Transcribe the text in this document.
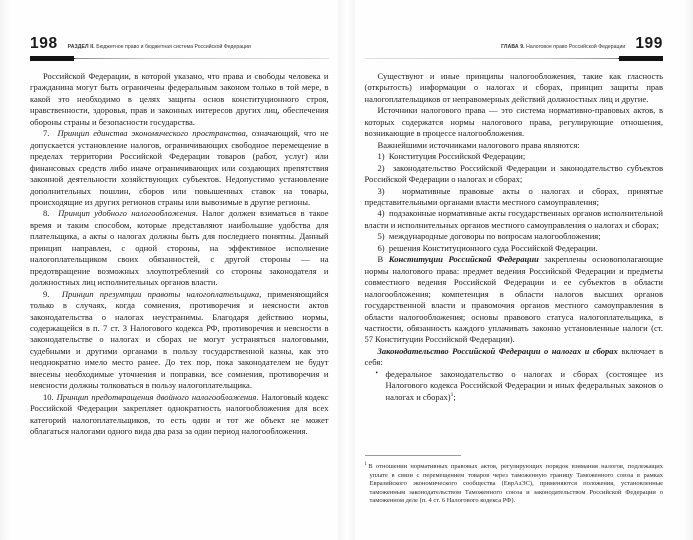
198 РАЗДЕЛ II. Бюджетное право и бюджетная система Российской Федерации

Российской Федерации, в которой указано, что права и свободы человека и гражданина могут быть ограничены федеральным законом только в той мере, в какой это необходимо в целях защиты основ конституционного строя, нравственности, здоровья, прав и законных интересов других лиц, обеспечения обороны страны и безопасности государства.

7. Принцип единства экономического пространства, означающий, что не допускается установление налогов, ограничивающих свободное перемещение в пределах территории Российской Федерации товаров (работ, услуг) или финансовых средств либо иначе ограничивающих или создающих препятствия законной деятельности хозяйствующих субъектов. Недопустимо установление дополнительных пошлин, сборов или повышенных ставок на товары, происходящие из других регионов страны или вывозимые в другие регионы.

8. Принцип удобного налогообложения. Налог должен взиматься в такое время и таким способом, которые представляют наибольшие удобства для плательщика, а акты о налогах должны быть для последнего понятны. Данный принцип направлен, с одной стороны, на эффективное исполнение налогоплательщиком своих обязанностей, с другой стороны — на предотвращение возможных злоупотреблений со стороны законодателя и должностных лиц исполнительных органов власти.

9. Принцип презумпции правоты налогоплательщика, применяющийся только в случаях, когда сомнения, противоречия и неясности актов законодательства о налогах неустранимы. Благодаря действию нормы, содержащейся в п. 7 ст. 3 Налогового кодекса РФ, противоречия и неясности в законодательстве о налогах и сборах не могут устраняться налоговыми, судебными и другими органами в пользу государственной казны, как это неоднократно имело место ранее. До тех пор, пока законодателем не будут внесены необходимые уточнения и поправки, все сомнения, противоречия и неясности должны толковаться в пользу налогоплательщика.

10. Принцип предотвращения двойного налогообложения. Налоговый кодекс Российской Федерации закрепляет однократность налогообложения для всех категорий налогоплательщиков, то есть один и тот же объект не может облагаться налогами одного вида два раза за один период налогообложения.

199
ГЛАВА 9. Налоговое право Российской Федерации

Существуют и иные принципы налогообложения, такие как гласность (открытость) информации о налогах и сборах, принцип защиты прав налогоплательщиков от неправомерных действий должностных лиц и другие.

Источники налогового права — это система нормативно-правовых актов, в которых содержатся нормы налогового права, регулирующие отношения, возникающие в процессе налогообложения.

Важнейшими источниками налогового права являются:

1) Конституция Российской Федерации;

2) законодательство Российской Федерации и законодательство субъектов Российской Федерации о налогах и сборах;

3) нормативные правовые акты о налогах и сборах, принятые представительными органами власти местного самоуправления;

4) подзаконные нормативные акты государственных органов исполнительной власти и исполнительных органов местного самоуправления о налогах и сборах;

5) международные договоры по вопросам налогообложения;

6) решения Конституционного суда Российской Федерации.

В Конституции Российской Федерации закреплены основополагающие нормы налогового права: предмет ведения Российской Федерации и предметы совместного ведения Российской Федерации и ее субъектов в области налогообложения; компетенция в области налогов высших органов государственной власти и правомочия органов местного самоуправления в области налогообложения; основы правового статуса налогоплательщика, в частности, обязанность каждого уплачивать законно установленные налоги (ст. 57 Конституции Российской Федерации).

Законодательство Российской Федерации о налогах и сборах включает в себя:

• федеральное законодательство о налогах и сборах (состоящее из Налогового кодекса Российской Федерации и иных федеральных законов о налогах и сборах)$^1$;

$^1$В отношении нормативных правовых актов, регулирующих порядок взимания налогов, подлежащих уплате в связи с перемещением товаров через таможенную границу Таможенного союза в рамках Евразийского экономического сообщества (ЕврАзЭС), применяются положения, установленные таможенным законодательством Таможенного союза и законодательством Российской Федерации о таможенном деле (п. 4 ст. 6 Налогового кодекса РФ).
